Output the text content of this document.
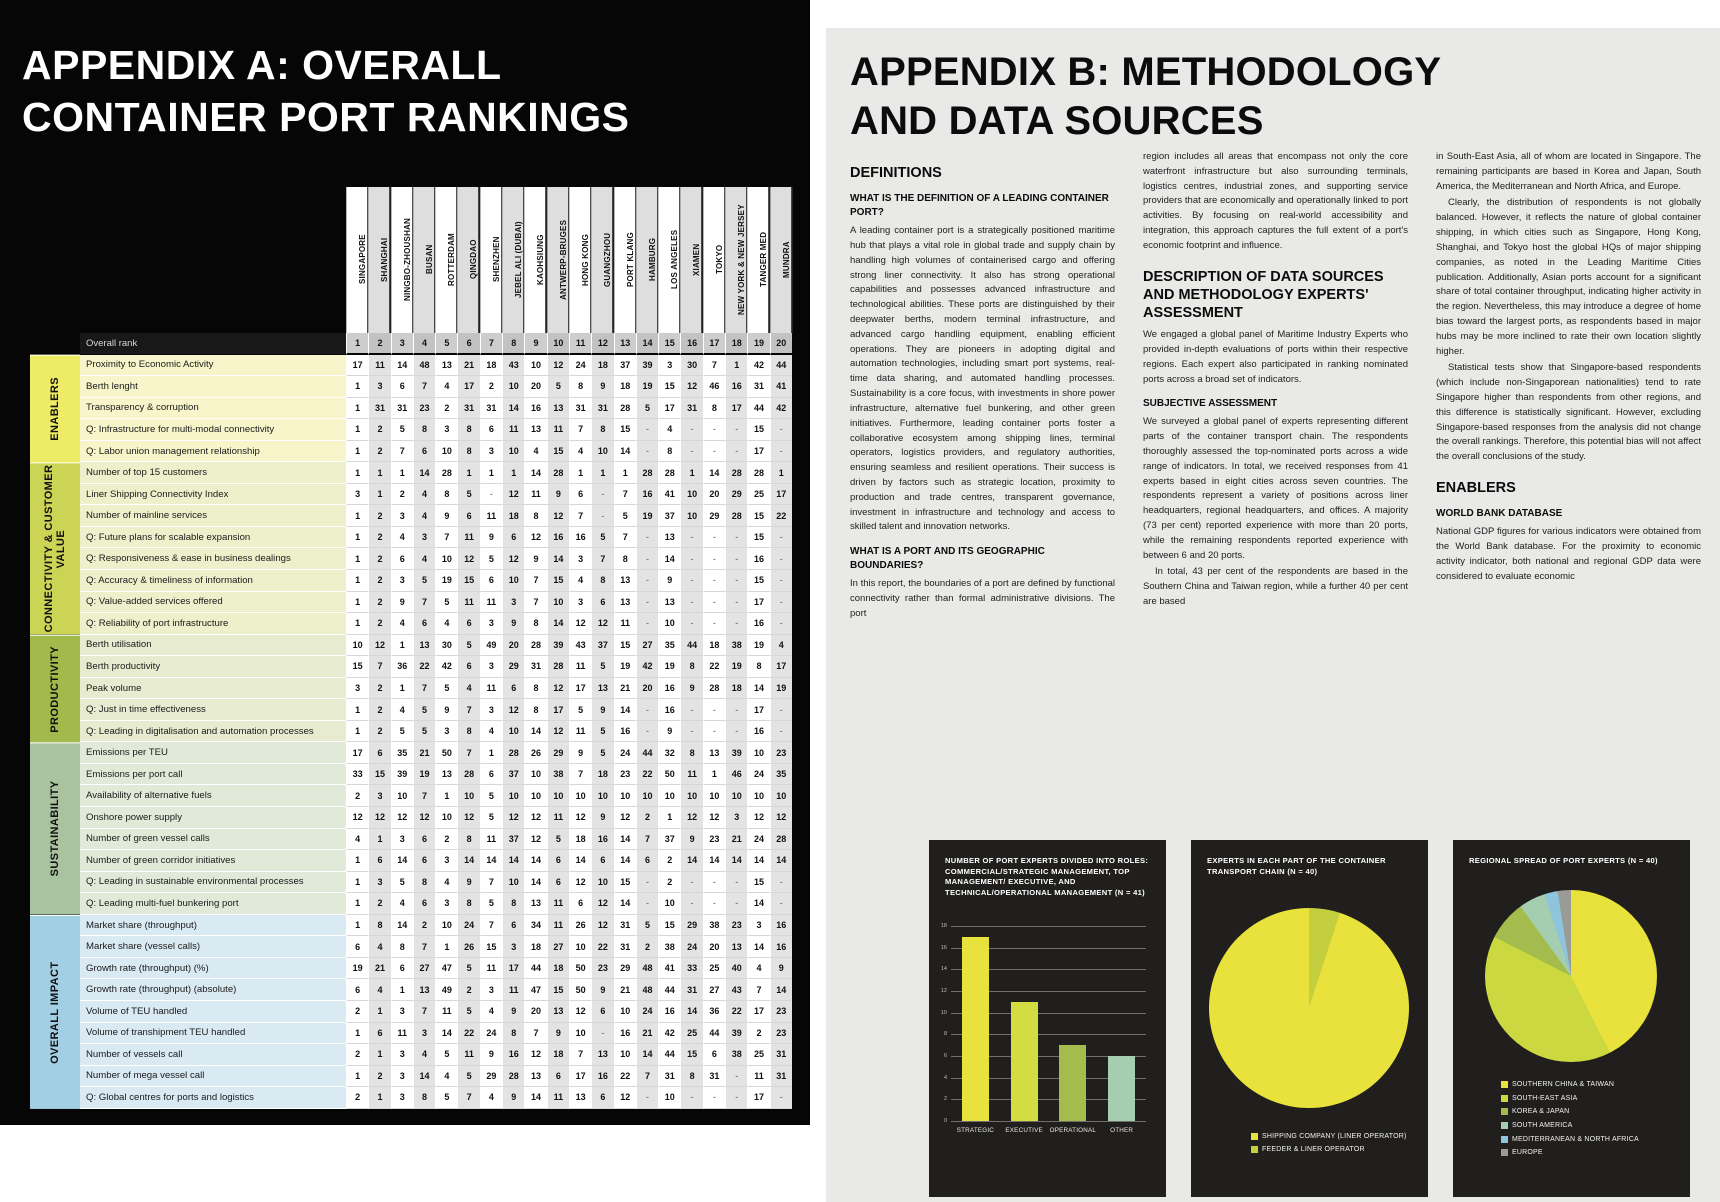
APPENDIX A: OVERALL
CONTAINER PORT RANKINGS
SINGAPORE	SHANGHAI	NINGBO-ZHOUSHAN	BUSAN	ROTTERDAM	QINGDAO	SHENZHEN	JEBEL ALI (DUBAI)	KAOHSIUNG	ANTWERP-BRUGES	HONG KONG	GUANGZHOU	PORT KLANG	HAMBURG	LOS ANGELES	XIAMEN	TOKYO	NEW YORK & NEW JERSEY	TANGER MED	MUNDRA
Overall rank	1	2	3	4	5	6	7	8	9	10	11	12	13	14	15	16	17	18	19	20
ENABLERS
Proximity to Economic Activity	17	11	14	48	13	21	18	43	10	12	24	18	37	39	3	30	7	1	42	44
Berth lenght	1	3	6	7	4	17	2	10	20	5	8	9	18	19	15	12	46	16	31	41
Transparency & corruption	1	31	31	23	2	31	31	14	16	13	31	31	28	5	17	31	8	17	44	42
Q: Infrastructure for multi-modal connectivity	1	2	5	8	3	8	6	11	13	11	7	8	15	-	4	-	-	-	15	-
Q: Labor union management relationship	1	2	7	6	10	8	3	10	4	15	4	10	14	-	8	-	-	-	17	-
CONNECTIVITY & CUSTOMER VALUE
Number of top 15 customers	1	1	1	14	28	1	1	1	14	28	1	1	1	28	28	1	14	28	28	1
Liner Shipping Connectivity Index	3	1	2	4	8	5	-	12	11	9	6	-	7	16	41	10	20	29	25	17
Number of mainline services	1	2	3	4	9	6	11	18	8	12	7	-	5	19	37	10	29	28	15	22
Q: Future plans for scalable expansion	1	2	4	3	7	11	9	6	12	16	16	5	7	-	13	-	-	-	15	-
Q: Responsiveness & ease in business dealings	1	2	6	4	10	12	5	12	9	14	3	7	8	-	14	-	-	-	16	-
Q: Accuracy & timeliness of information	1	2	3	5	19	15	6	10	7	15	4	8	13	-	9	-	-	-	15	-
Q: Value-added services offered	1	2	9	7	5	11	11	3	7	10	3	6	13	-	13	-	-	-	17	-
Q: Reliability of port infrastructure	1	2	4	6	4	6	3	9	8	14	12	12	11	-	10	-	-	-	16	-
PRODUCTIVITY
Berth utilisation	10	12	1	13	30	5	49	20	28	39	43	37	15	27	35	44	18	38	19	4
Berth productivity	15	7	36	22	42	6	3	29	31	28	11	5	19	42	19	8	22	19	8	17
Peak volume	3	2	1	7	5	4	11	6	8	12	17	13	21	20	16	9	28	18	14	19
Q: Just in time effectiveness	1	2	4	5	9	7	3	12	8	17	5	9	14	-	16	-	-	-	17	-
Q: Leading in digitalisation and automation processes	1	2	5	5	3	8	4	10	14	12	11	5	16	-	9	-	-	-	16	-
SUSTAINABILITY
Emissions per TEU	17	6	35	21	50	7	1	28	26	29	9	5	24	44	32	8	13	39	10	23
Emissions per port call	33	15	39	19	13	28	6	37	10	38	7	18	23	22	50	11	1	46	24	35
Availability of alternative fuels	2	3	10	7	1	10	5	10	10	10	10	10	10	10	10	10	10	10	10	10
Onshore power supply	12	12	12	12	10	12	5	12	12	11	12	9	12	2	1	12	12	3	12	12
Number of green vessel calls	4	1	3	6	2	8	11	37	12	5	18	16	14	7	37	9	23	21	24	28
Number of green corridor initiatives	1	6	14	6	3	14	14	14	14	6	14	6	14	6	2	14	14	14	14	14
Q: Leading in sustainable environmental processes	1	3	5	8	4	9	7	10	14	6	12	10	15	-	2	-	-	-	15	-
Q: Leading multi-fuel bunkering port	1	2	4	6	3	8	5	8	13	11	6	12	14	-	10	-	-	-	14	-
OVERALL IMPACT
Market share (throughput)	1	8	14	2	10	24	7	6	34	11	26	12	31	5	15	29	38	23	3	16
Market share (vessel calls)	6	4	8	7	1	26	15	3	18	27	10	22	31	2	38	24	20	13	14	16
Growth rate (throughput) (%)	19	21	6	27	47	5	11	17	44	18	50	23	29	48	41	33	25	40	4	9
Growth rate (throughput) (absolute)	6	4	1	13	49	2	3	11	47	15	50	9	21	48	44	31	27	43	7	14
Volume of TEU handled	2	1	3	7	11	5	4	9	20	13	12	6	10	24	16	14	36	22	17	23
Volume of transhipment TEU handled	1	6	11	3	14	22	24	8	7	9	10	-	16	21	42	25	44	39	2	23
Number of vessels call	2	1	3	4	5	11	9	16	12	18	7	13	10	14	44	15	6	38	25	31
Number of mega vessel call	1	2	3	14	4	5	29	28	13	6	17	16	22	7	31	8	31	-	11	31
Q: Global centres for ports and logistics	2	1	3	8	5	7	4	9	14	11	13	6	12	-	10	-	-	-	17	-
APPENDIX B: METHODOLOGY
AND DATA SOURCES
DEFINITIONS
WHAT IS THE DEFINITION OF A LEADING CONTAINER PORT?
A leading container port is a strategically positioned maritime hub that plays a vital role in global trade and supply chain by handling high volumes of containerised cargo and offering strong liner connectivity. It also has strong operational capabilities and possesses advanced infrastructure and technological abilities. These ports are distinguished by their deepwater berths, modern terminal infrastructure, and advanced cargo handling equipment, enabling efficient operations. They are pioneers in adopting digital and automation technologies, including smart port systems, real-time data sharing, and automated handling processes. Sustainability is a core focus, with investments in shore power infrastructure, alternative fuel bunkering, and other green initiatives. Furthermore, leading container ports foster a collaborative ecosystem among shipping lines, terminal operators, logistics providers, and regulatory authorities, ensuring seamless and resilient operations. Their success is driven by factors such as strategic location, proximity to production and trade centres, transparent governance, investment in infrastructure and technology and access to skilled talent and innovation networks.
WHAT IS A PORT AND ITS GEOGRAPHIC BOUNDARIES?
In this report, the boundaries of a port are defined by functional connectivity rather than formal administrative divisions. The port
region includes all areas that encompass not only the core waterfront infrastructure but also surrounding terminals, logistics centres, industrial zones, and supporting service providers that are economically and operationally linked to port activities. By focusing on real-world accessibility and integration, this approach captures the full extent of a port's economic footprint and influence.
DESCRIPTION OF DATA SOURCES AND METHODOLOGY EXPERTS' ASSESSMENT
We engaged a global panel of Maritime Industry Experts who provided in-depth evaluations of ports within their respective regions. Each expert also participated in ranking nominated ports across a broad set of indicators.
SUBJECTIVE ASSESSMENT
We surveyed a global panel of experts representing different parts of the container transport chain. The respondents thoroughly assessed the top-nominated ports across a wide range of indicators. In total, we received responses from 41 experts based in eight cities across seven countries. The respondents represent a variety of positions across liner headquarters, regional headquarters, and offices. A majority (73 per cent) reported experience with more than 20 ports, while the remaining respondents reported experience with between 6 and 20 ports.
In total, 43 per cent of the respondents are based in the Southern China and Taiwan region, while a further 40 per cent are based
in South-East Asia, all of whom are located in Singapore. The remaining participants are based in Korea and Japan, South America, the Mediterranean and North Africa, and Europe.
Clearly, the distribution of respondents is not globally balanced. However, it reflects the nature of global container shipping, in which cities such as Singapore, Hong Kong, Shanghai, and Tokyo host the global HQs of major shipping companies, as noted in the Leading Maritime Cities publication. Additionally, Asian ports account for a significant share of total container throughput, indicating higher activity in the region. Nevertheless, this may introduce a degree of home bias toward the largest ports, as respondents based in major hubs may be more inclined to rate their own location slightly higher.
Statistical tests show that Singapore-based respondents (which include non-Singaporean nationalities) tend to rate Singapore higher than respondents from other regions, and this difference is statistically significant. However, excluding Singapore-based responses from the analysis did not change the overall rankings. Therefore, this potential bias will not affect the overall conclusions of the study.
ENABLERS
WORLD BANK DATABASE
National GDP figures for various indicators were obtained from the World Bank database. For the proximity to economic activity indicator, both national and regional GDP data were considered to evaluate economic
NUMBER OF PORT EXPERTS DIVIDED INTO ROLES: COMMERCIAL/STRATEGIC MANAGEMENT, TOP MANAGEMENT/ EXECUTIVE, AND TECHNICAL/OPERATIONAL MANAGEMENT (N = 41)
0
2
4
6
8
10
12
14
16
18
STRATEGIC EXECUTIVE OPERATIONAL OTHER
EXPERTS IN EACH PART OF THE CONTAINER TRANSPORT CHAIN (N = 40)
SHIPPING COMPANY (LINER OPERATOR)
FEEDER & LINER OPERATOR
REGIONAL SPREAD OF PORT EXPERTS (N = 40)
SOUTHERN CHINA & TAIWAN
SOUTH-EAST ASIA
KOREA & JAPAN
SOUTH AMERICA
MEDITERRANEAN & NORTH AFRICA
EUROPE
